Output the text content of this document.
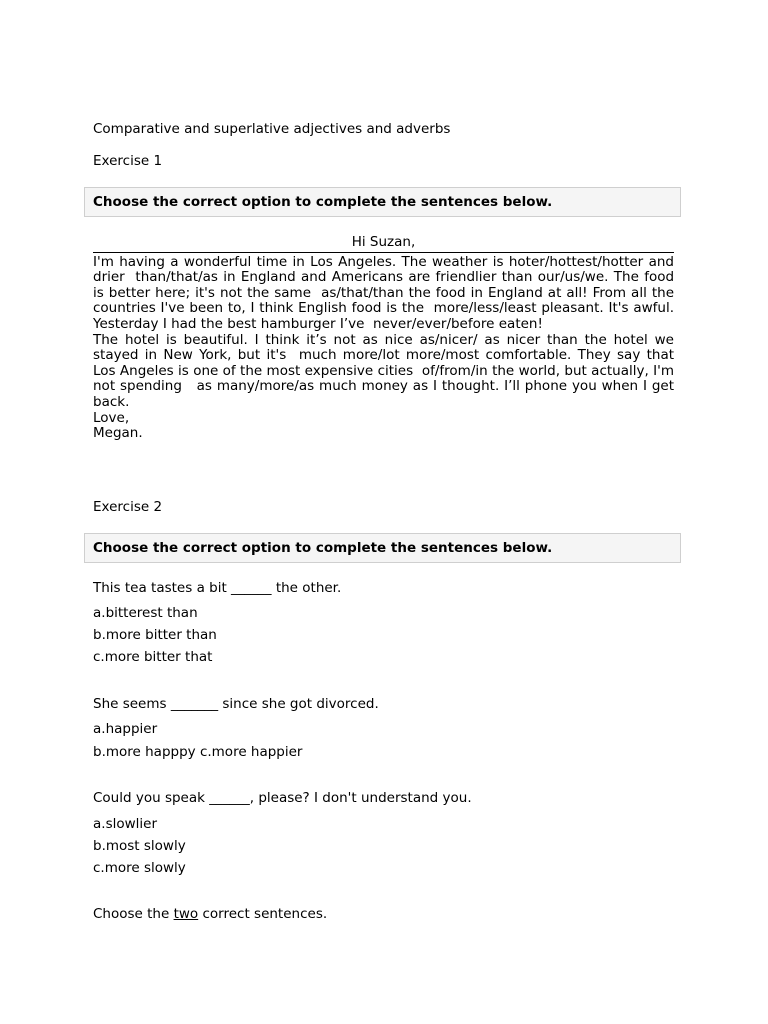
Comparative and superlative adjectives and adverbs
Exercise 1
Choose the correct option to complete the sentences below.
Hi Suzan,

I'm having a wonderful time in Los Angeles. The weather is hoter/hottest/hotter and drier than/that/as in England and Americans are friendlier than our/us/we. The food is better here; it's not the same as/that/than the food in England at all! From all the countries I've been to, I think English food is the more/less/least pleasant. It's awful. Yesterday I had the best hamburger I’ve never/ever/before eaten!

The hotel is beautiful. I think it’s not as nice as/nicer/ as nicer than the hotel we stayed in New York, but it's much more/lot more/most comfortable. They say that Los Angeles is one of the most expensive cities of/from/in the world, but actually, I'm not spending as many/more/as much money as I thought. I’ll phone you when I get back.

Love,
Megan.
Exercise 2
Choose the correct option to complete the sentences below.
This tea tastes a bit ______ the other.
a.bitterest than
b.more bitter than
c.more bitter that
She seems _______ since she got divorced.
a.happier
b.more happpy c.more happier
Could you speak ______, please? I don't understand you.
a.slowlier
b.most slowly
c.more slowly
Choose the two correct sentences.
